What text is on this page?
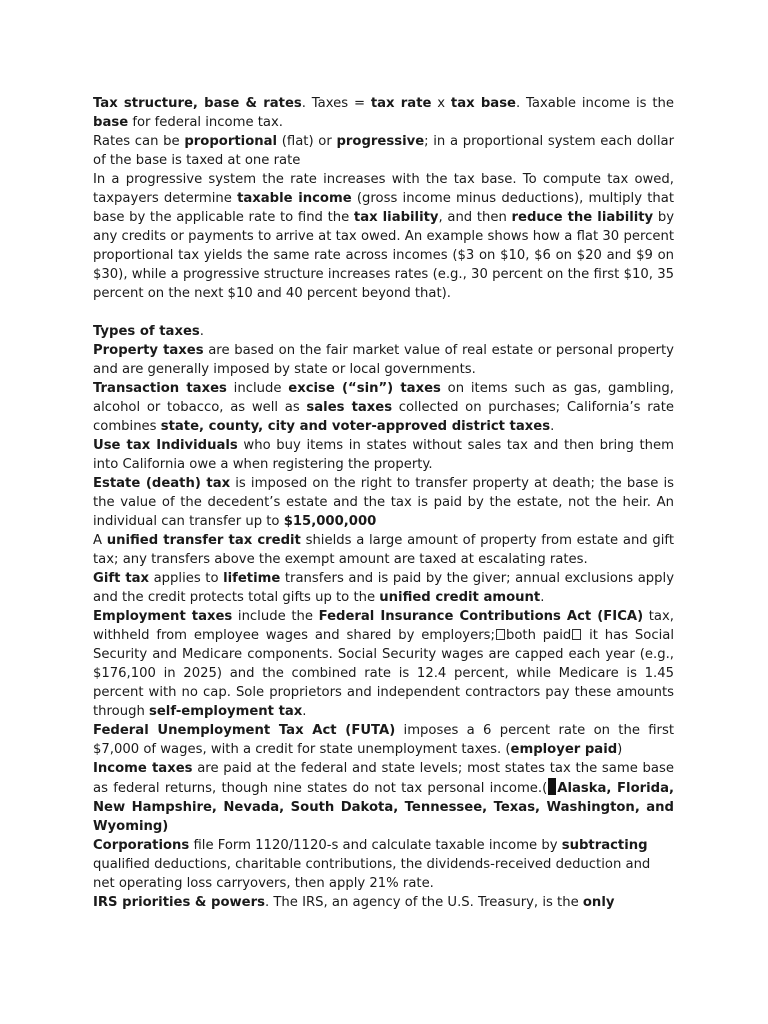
Tax structure, base & rates. Taxes = tax rate x tax base. Taxable income is the base for federal income tax.

Rates can be proportional (flat) or progressive; in a proportional system each dollar of the base is taxed at one rate

In a progressive system the rate increases with the tax base. To compute tax owed, taxpayers determine taxable income (gross income minus deductions), multiply that base by the applicable rate to find the tax liability, and then reduce the liability by any credits or payments to arrive at tax owed. An example shows how a flat 30 percent proportional tax yields the same rate across incomes ($3 on $10, $6 on $20 and $9 on $30), while a progressive structure increases rates (e.g., 30 percent on the first $10, 35 percent on the next $10 and 40 percent beyond that).

Types of taxes.

Property taxes are based on the fair market value of real estate or personal property and are generally imposed by state or local governments.

Transaction taxes include excise (“sin”) taxes on items such as gas, gambling, alcohol or tobacco, as well as sales taxes collected on purchases; California’s rate combines state, county, city and voter-approved district taxes.

Use tax Individuals who buy items in states without sales tax and then bring them into California owe a when registering the property.

Estate (death) tax is imposed on the right to transfer property at death; the base is the value of the decedent’s estate and the tax is paid by the estate, not the heir. An individual can transfer up to $15,000,000

A unified transfer tax credit shields a large amount of property from estate and gift tax; any transfers above the exempt amount are taxed at escalating rates.

Gift tax applies to lifetime transfers and is paid by the giver; annual exclusions apply and the credit protects total gifts up to the unified credit amount.

Employment taxes include the Federal Insurance Contributions Act (FICA) tax, withheld from employee wages and shared by employers; both paid it has Social Security and Medicare components. Social Security wages are capped each year (e.g., $176,100 in 2025) and the combined rate is 12.4 percent, while Medicare is 1.45 percent with no cap. Sole proprietors and independent contractors pay these amounts through self-employment tax.

Federal Unemployment Tax Act (FUTA) imposes a 6 percent rate on the first $7,000 of wages, with a credit for state unemployment taxes. (employer paid)

Income taxes are paid at the federal and state levels; most states tax the same base as federal returns, though nine states do not tax personal income.( Alaska, Florida, New Hampshire, Nevada, South Dakota, Tennessee, Texas, Washington, and Wyoming)

Corporations file Form 1120/1120-s and calculate taxable income by subtracting qualified deductions, charitable contributions, the dividends-received deduction and net operating loss carryovers, then apply 21% rate.

IRS priorities & powers. The IRS, an agency of the U.S. Treasury, is the only
